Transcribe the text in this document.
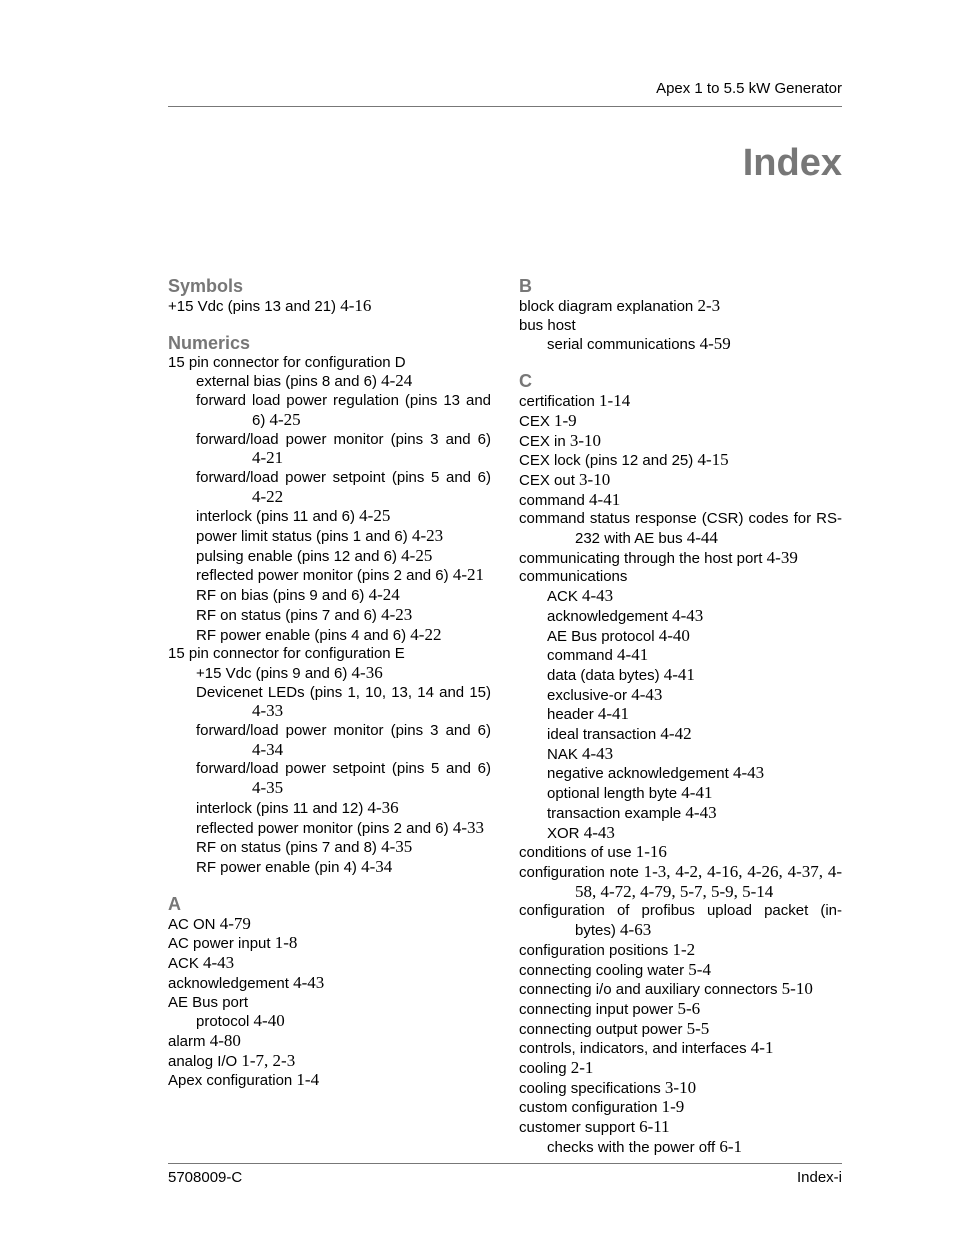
Apex 1 to 5.5 kW Generator
Index
Symbols
+15 Vdc (pins 13 and 21) 4-16
Numerics
15 pin connector for configuration D
external bias (pins 8 and 6) 4-24
forward load power regulation (pins 13 and 6) 4-25
forward/load power monitor (pins 3 and 6) 4-21
forward/load power setpoint (pins 5 and 6) 4-22
interlock (pins 11 and 6) 4-25
power limit status (pins 1 and 6) 4-23
pulsing enable (pins 12 and 6) 4-25
reflected power monitor (pins 2 and 6) 4-21
RF on bias (pins 9 and 6) 4-24
RF on status (pins 7 and 6) 4-23
RF power enable (pins 4 and 6) 4-22
15 pin connector for configuration E
+15 Vdc (pins 9 and 6) 4-36
Devicenet LEDs (pins 1, 10, 13, 14 and 15) 4-33
forward/load power monitor (pins 3 and 6) 4-34
forward/load power setpoint (pins 5 and 6) 4-35
interlock (pins 11 and 12) 4-36
reflected power monitor (pins 2 and 6) 4-33
RF on status (pins 7 and 8) 4-35
RF power enable (pin 4) 4-34
A
AC ON 4-79
AC power input 1-8
ACK 4-43
acknowledgement 4-43
AE Bus port
protocol 4-40
alarm 4-80
analog I/O 1-7, 2-3
Apex configuration 1-4
B
block diagram explanation 2-3
bus host
serial communications 4-59
C
certification 1-14
CEX 1-9
CEX in 3-10
CEX lock (pins 12 and 25) 4-15
CEX out 3-10
command 4-41
command status response (CSR) codes for RS-232 with AE bus 4-44
communicating through the host port 4-39
communications
ACK 4-43
acknowledgement 4-43
AE Bus protocol 4-40
command 4-41
data (data bytes) 4-41
exclusive-or 4-43
header 4-41
ideal transaction 4-42
NAK 4-43
negative acknowledgement 4-43
optional length byte 4-41
transaction example 4-43
XOR 4-43
conditions of use 1-16
configuration note 1-3, 4-2, 4-16, 4-26, 4-37, 4-58, 4-72, 4-79, 5-7, 5-9, 5-14
configuration of profibus upload packet (in-bytes) 4-63
configuration positions 1-2
connecting cooling water 5-4
connecting i/o and auxiliary connectors 5-10
connecting input power 5-6
connecting output power 5-5
controls, indicators, and interfaces 4-1
cooling 2-1
cooling specifications 3-10
custom configuration 1-9
customer support 6-11
checks with the power off 6-1
5708009-C	Index-i
